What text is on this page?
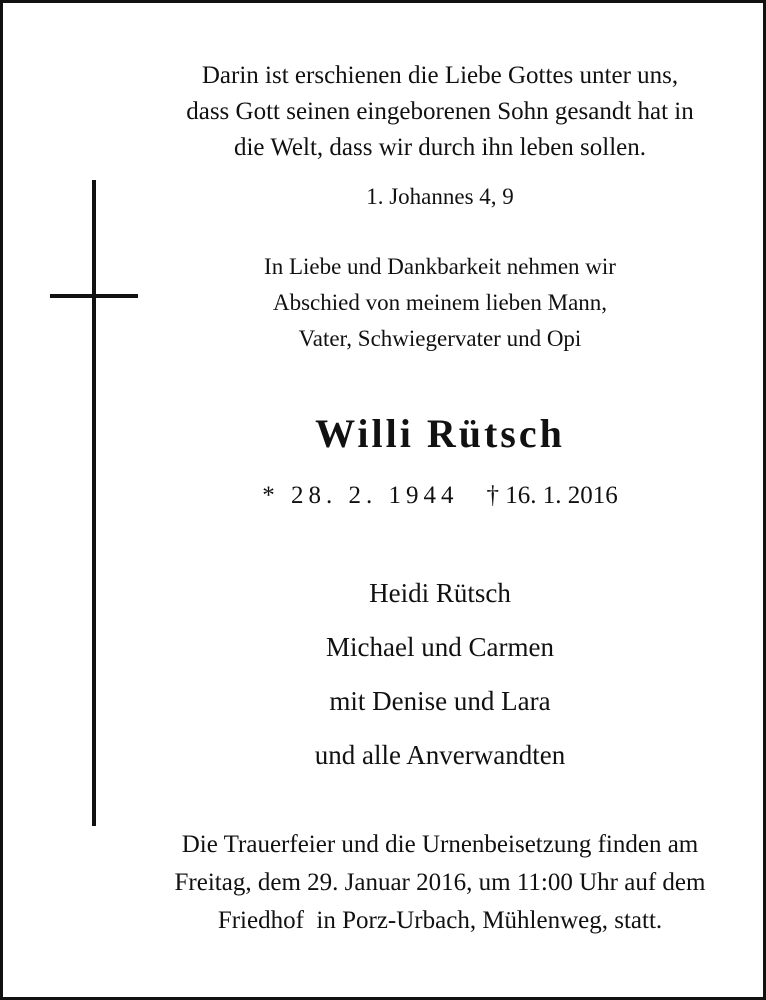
Darin ist erschienen die Liebe Gottes unter uns,
dass Gott seinen eingeborenen Sohn gesandt hat in
die Welt, dass wir durch ihn leben sollen.
1. Johannes 4, 9
In Liebe und Dankbarkeit nehmen wir
Abschied von meinem lieben Mann,
Vater, Schwiegervater und Opi
Willi Rütsch
* 28. 2. 1944 † 16. 1. 2016
Heidi Rütsch
Michael und Carmen
mit Denise und Lara
und alle Anverwandten
Die Trauerfeier und die Urnenbeisetzung finden am
Freitag, dem 29. Januar 2016, um 11:00 Uhr auf dem
Friedhof  in Porz-Urbach, Mühlenweg, statt.
